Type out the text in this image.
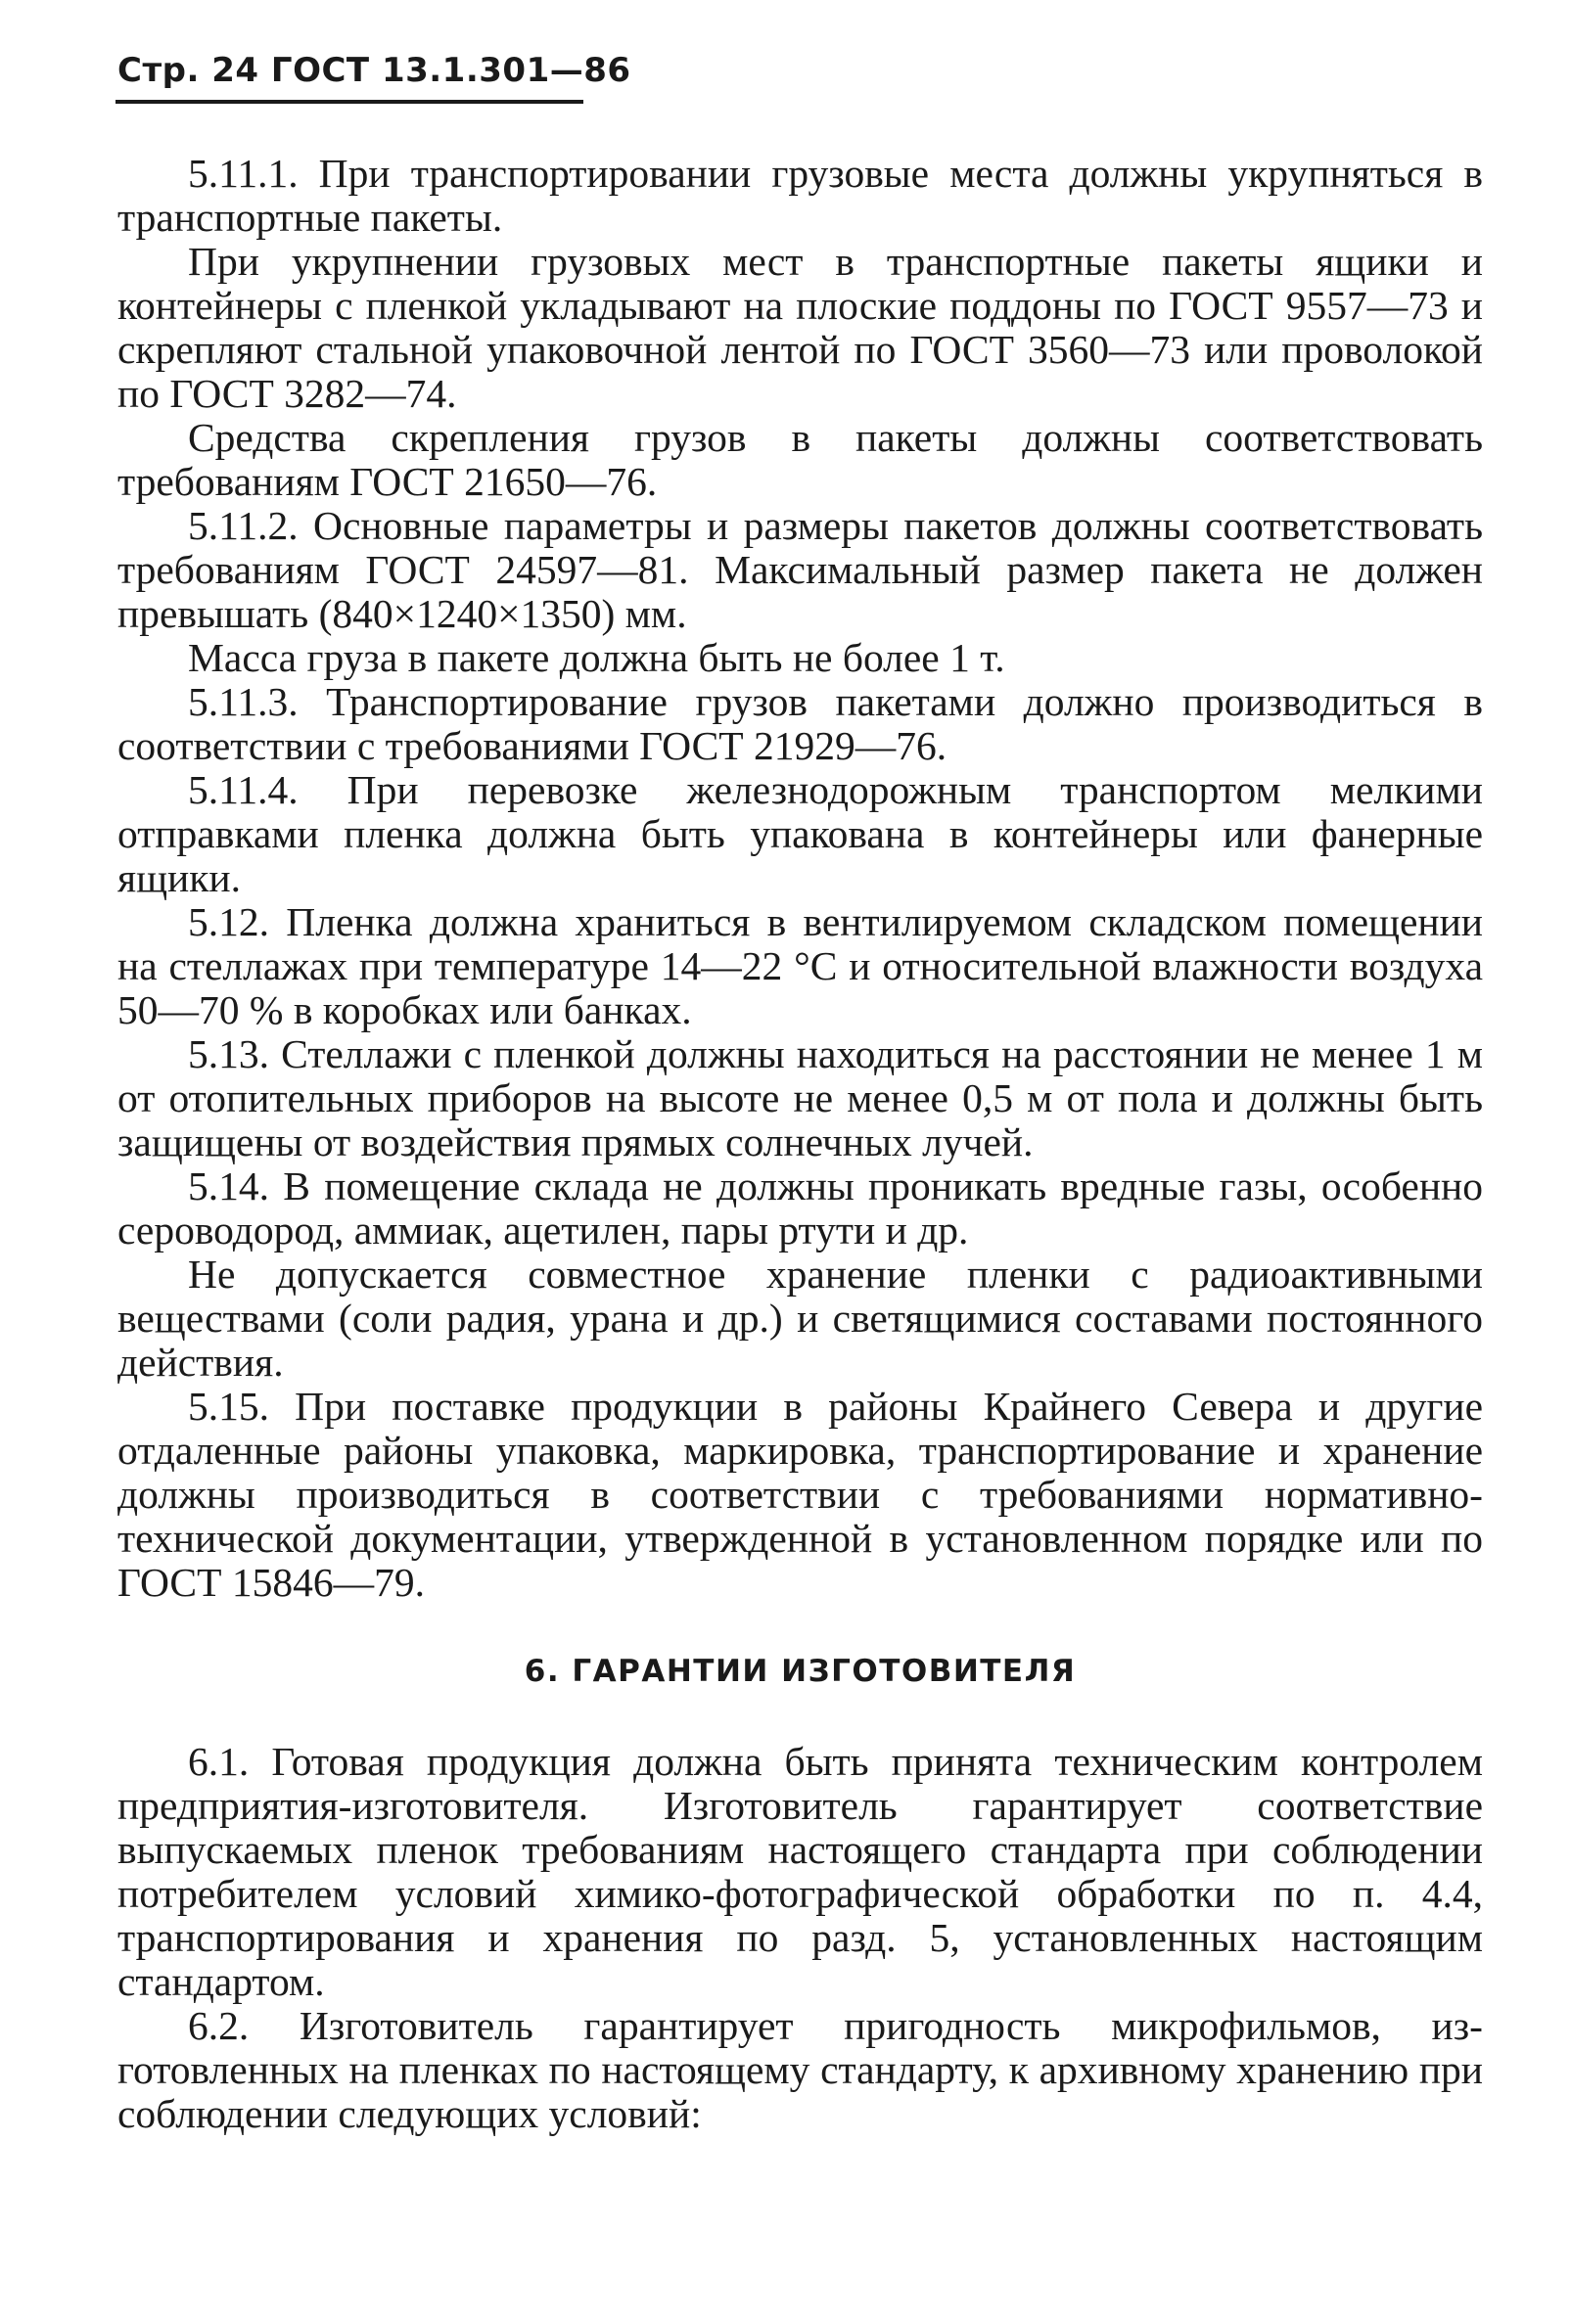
Стр. 24 ГОСТ 13.1.301—86

5.11.1. При транспортировании грузовые места должны укрупняться в транспортные пакеты.

При укрупнении грузовых мест в транспортные пакеты ящики и контейнеры с пленкой укладывают на плоские поддоны по ГОСТ 9557—73 и скрепляют стальной упаковочной лентой по ГОСТ 3560—73 или проволокой по ГОСТ 3282—74.

Средства скрепления грузов в пакеты должны соответствовать требованиям ГОСТ 21650—76.

5.11.2. Основные параметры и размеры пакетов должны соответствовать требованиям ГОСТ 24597—81. Максимальный размер пакета не должен превышать (840×1240×1350) мм.

Масса груза в пакете должна быть не более 1 т.

5.11.3. Транспортирование грузов пакетами должно производиться в соответствии с требованиями ГОСТ 21929—76.

5.11.4. При перевозке железнодорожным транспортом мелкими отправками пленка должна быть упакована в контейнеры или фанерные ящики.

5.12. Пленка должна храниться в вентилируемом складском помещении на стеллажах при температуре 14—22 °С и относительной влажности воздуха 50—70 % в коробках или банках.

5.13. Стеллажи с пленкой должны находиться на расстоянии не менее 1 м от отопительных приборов на высоте не менее 0,5 м от пола и должны быть защищены от воздействия прямых солнечных лучей.

5.14. В помещение склада не должны проникать вредные газы, особенно сероводород, аммиак, ацетилен, пары ртути и др.

Не допускается совместное хранение пленки с радиоактивными веществами (соли радия, урана и др.) и светящимися составами постоянного действия.

5.15. При поставке продукции в районы Крайнего Севера и другие отдаленные районы упаковка, маркировка, транспортирование и хранение должны производиться в соответствии с требованиями нормативно-технической документации, утвержденной в установленном порядке или по ГОСТ 15846—79.

6. ГАРАНТИИ ИЗГОТОВИТЕЛЯ

6.1. Готовая продукция должна быть принята техническим контролем предприятия-изготовителя. Изготовитель гарантирует соответствие выпускаемых пленок требованиям настоящего стандарта при соблюдении потребителем условий химико-фотографической обработки по п. 4.4, транспортирования и хранения по разд. 5, установленных настоящим стандартом.

6.2. Изготовитель гарантирует пригодность микрофильмов, изготовленных на пленках по настоящему стандарту, к архивному хранению при соблюдении следующих условий:
